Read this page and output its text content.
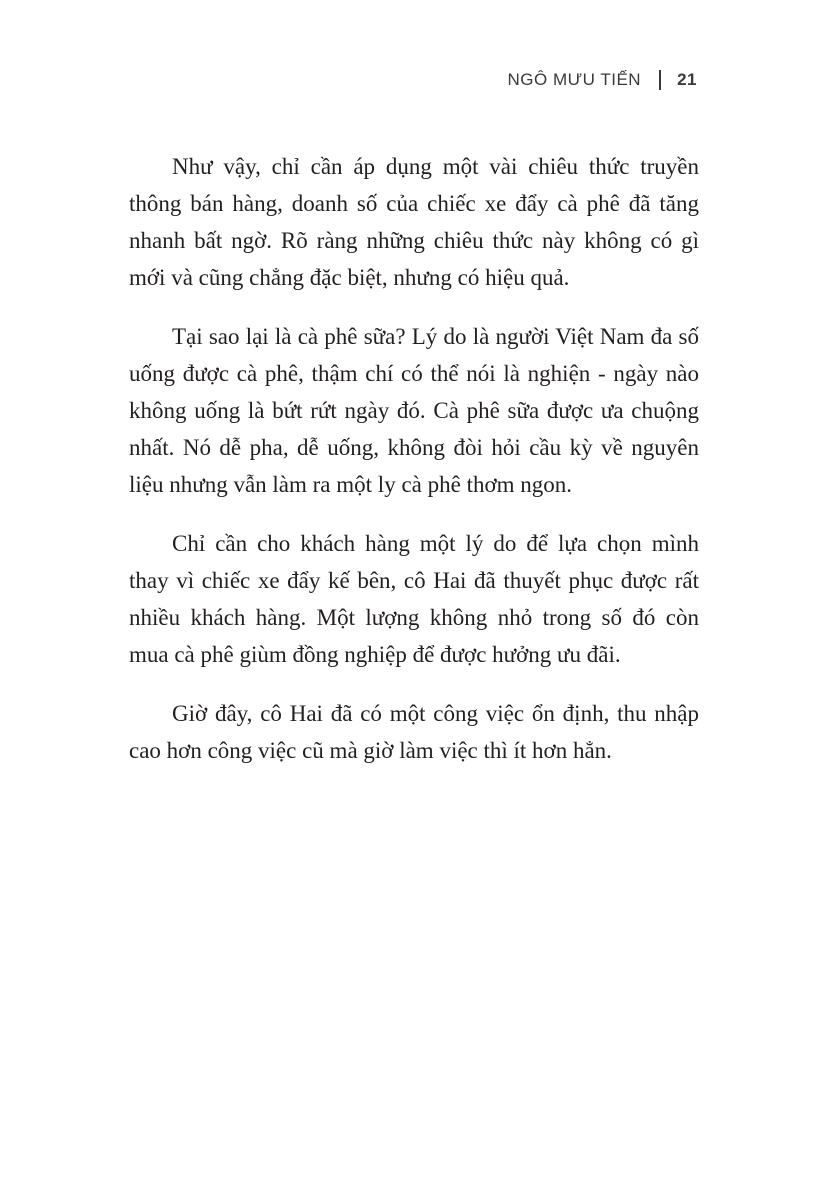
NGÔ MƯU TIẾN 21

Như vậy, chỉ cần áp dụng một vài chiêu thức truyền
thông bán hàng, doanh số của chiếc xe đẩy cà phê đã tăng
nhanh bất ngờ. Rõ ràng những chiêu thức này không có gì
mới và cũng chẳng đặc biệt, nhưng có hiệu quả.

Tại sao lại là cà phê sữa? Lý do là người Việt Nam đa số
uống được cà phê, thậm chí có thể nói là nghiện - ngày nào
không uống là bứt rứt ngày đó. Cà phê sữa được ưa chuộng
nhất. Nó dễ pha, dễ uống, không đòi hỏi cầu kỳ về nguyên
liệu nhưng vẫn làm ra một ly cà phê thơm ngon.

Chỉ cần cho khách hàng một lý do để lựa chọn mình
thay vì chiếc xe đẩy kế bên, cô Hai đã thuyết phục được rất
nhiều khách hàng. Một lượng không nhỏ trong số đó còn
mua cà phê giùm đồng nghiệp để được hưởng ưu đãi.

Giờ đây, cô Hai đã có một công việc ổn định, thu nhập
cao hơn công việc cũ mà giờ làm việc thì ít hơn hẳn.
